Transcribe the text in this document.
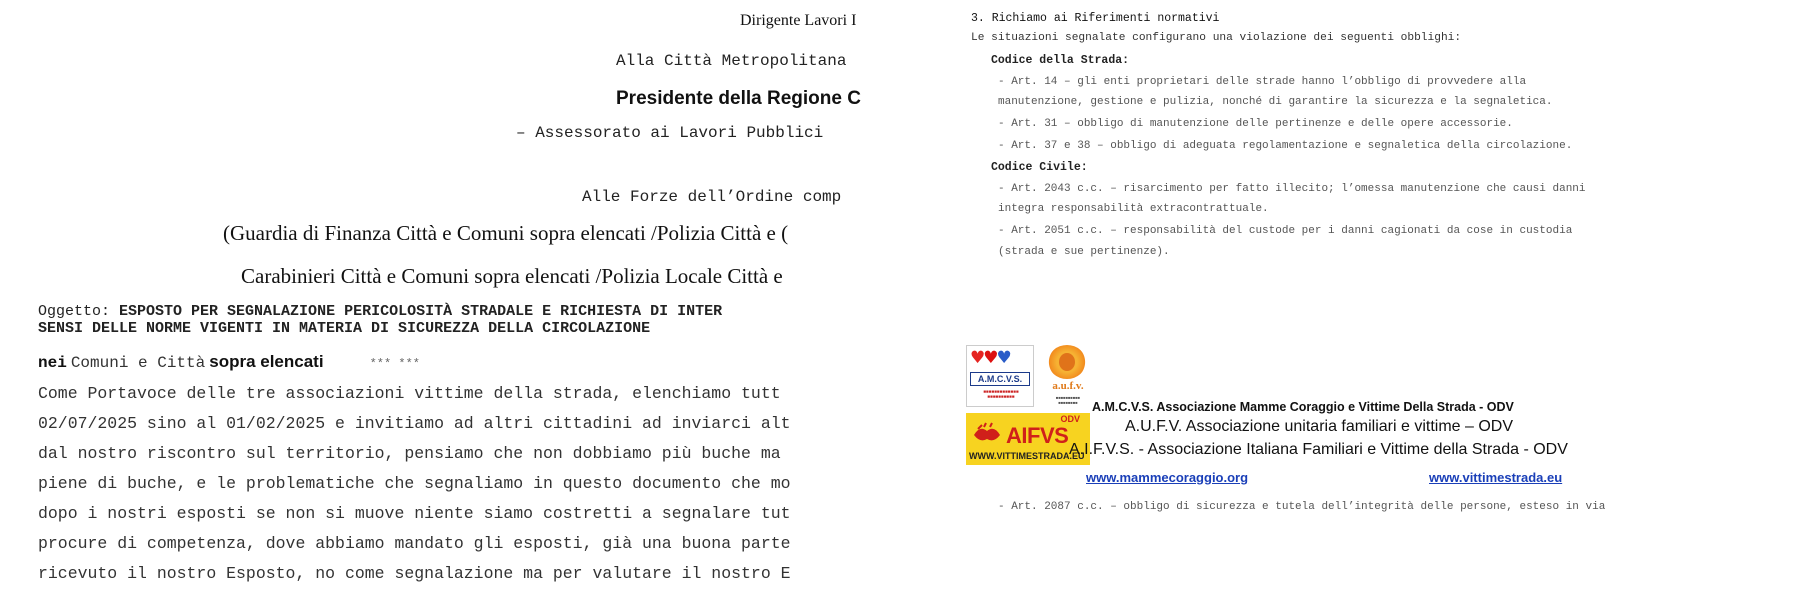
Dirigente Lavori I
Alla Città Metropolitana
Presidente della Regione C
– Assessorato ai Lavori Pubblici
Alle Forze dell’Ordine comp
(Guardia di Finanza Città e Comuni sopra elencati /Polizia Città e (
Carabinieri Città e Comuni sopra elencati /Polizia Locale Città e
Oggetto: ESPOSTO PER SEGNALAZIONE PERICOLOSITÀ STRADALE E RICHIESTA DI INTER
SENSI DELLE NORME VIGENTI IN MATERIA DI SICUREZZA DELLA CIRCOLAZIONE
nei Comuni e Città sopra elencati	*** ***
Come Portavoce delle tre associazioni vittime della strada, elenchiamo tutt
02/07/2025 sino al 01/02/2025 e invitiamo ad altri cittadini ad inviarci alt
dal nostro riscontro sul territorio, pensiamo che non dobbiamo più buche ma
piene di buche, e le problematiche che segnaliamo in questo documento che mo
dopo i nostri esposti se non si muove niente siamo costretti a segnalare tut
procure di competenza, dove abbiamo mandato gli esposti, già una buona parte
ricevuto il nostro Esposto, no come segnalazione ma per valutare il nostro E
3. Richiamo ai Riferimenti normativi
Le situazioni segnalate configurano una violazione dei seguenti obblighi:
Codice della Strada:
- Art. 14 – gli enti proprietari delle strade hanno l’obbligo di provvedere alla
manutenzione, gestione e pulizia, nonché di garantire la sicurezza e la segnaletica.
- Art. 31 – obbligo di manutenzione delle pertinenze e delle opere accessorie.
- Art. 37 e 38 – obbligo di adeguata regolamentazione e segnaletica della circolazione.
Codice Civile:
- Art. 2043 c.c. – risarcimento per fatto illecito; l’omessa manutenzione che causi danni
integra responsabilità extracontrattuale.
- Art. 2051 c.c. – responsabilità del custode per i danni cagionati da cose in custodia
(strada e sue pertinenze).
♥♥♥
A.M.C.V.S.
■■■■■■■■■■■■■
■■■■■■■■■■
a.u.f.v.
■■■■■■■■■■
■■■■■■■■
ODV
AIFVS
WWW.VITTIMESTRADA.EU
A.M.C.V.S. Associazione Mamme Coraggio e Vittime Della Strada - ODV
A.U.F.V. Associazione unitaria familiari e vittime – ODV
A.I.F.V.S. - Associazione Italiana Familiari e Vittime della Strada - ODV
www.mammecoraggio.org	www.vittimestrada.eu
- Art. 2087 c.c. – obbligo di sicurezza e tutela dell’integrità delle persone, esteso in via
